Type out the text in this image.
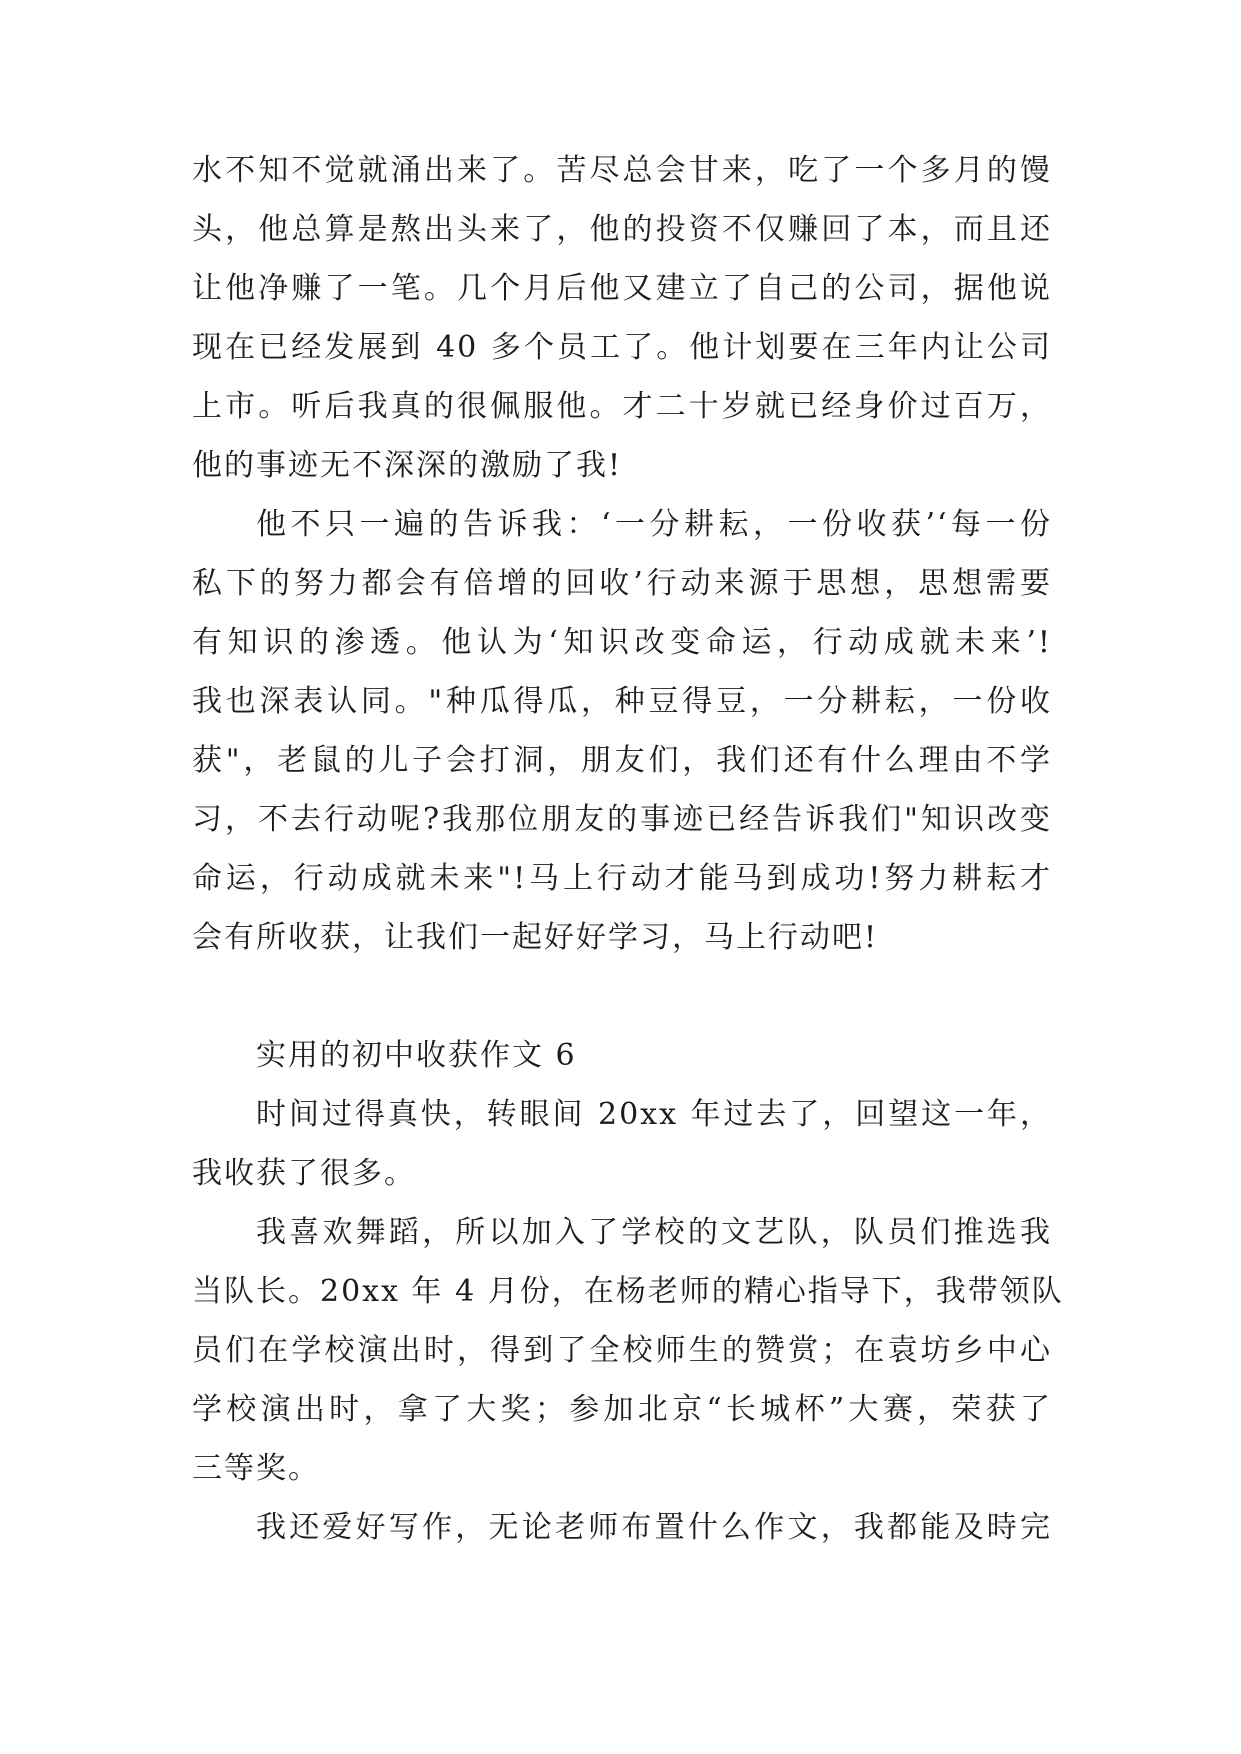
水不知不觉就涌出来了。苦尽总会甘来，吃了一个多月的馒
头，他总算是熬出头来了，他的投资不仅赚回了本，而且还
让他净赚了一笔。几个月后他又建立了自己的公司，据他说
现在已经发展到 40 多个员工了。他计划要在三年内让公司
上市。听后我真的很佩服他。才二十岁就已经身价过百万，
他的事迹无不深深的激励了我!
他不只一遍的告诉我：‘一分耕耘，一份收获’‘每一份
私下的努力都会有倍增的回收’行动来源于思想，思想需要
有知识的渗透。他认为‘知识改变命运，行动成就未来’!
我也深表认同。"种瓜得瓜，种豆得豆，一分耕耘，一份收
获"，老鼠的儿子会打洞，朋友们，我们还有什么理由不学
习，不去行动呢?我那位朋友的事迹已经告诉我们"知识改变
命运，行动成就未来"!马上行动才能马到成功!努力耕耘才
会有所收获，让我们一起好好学习，马上行动吧!
实用的初中收获作文 6
时间过得真快，转眼间 20xx 年过去了，回望这一年，
我收获了很多。
我喜欢舞蹈，所以加入了学校的文艺队，队员们推选我
当队长。20xx 年 4 月份，在杨老师的精心指导下，我带领队
员们在学校演出时，得到了全校师生的赞赏；在袁坊乡中心
学校演出时，拿了大奖；参加北京“长城杯”大赛，荣获了
三等奖。
我还爱好写作，无论老师布置什么作文，我都能及時完
